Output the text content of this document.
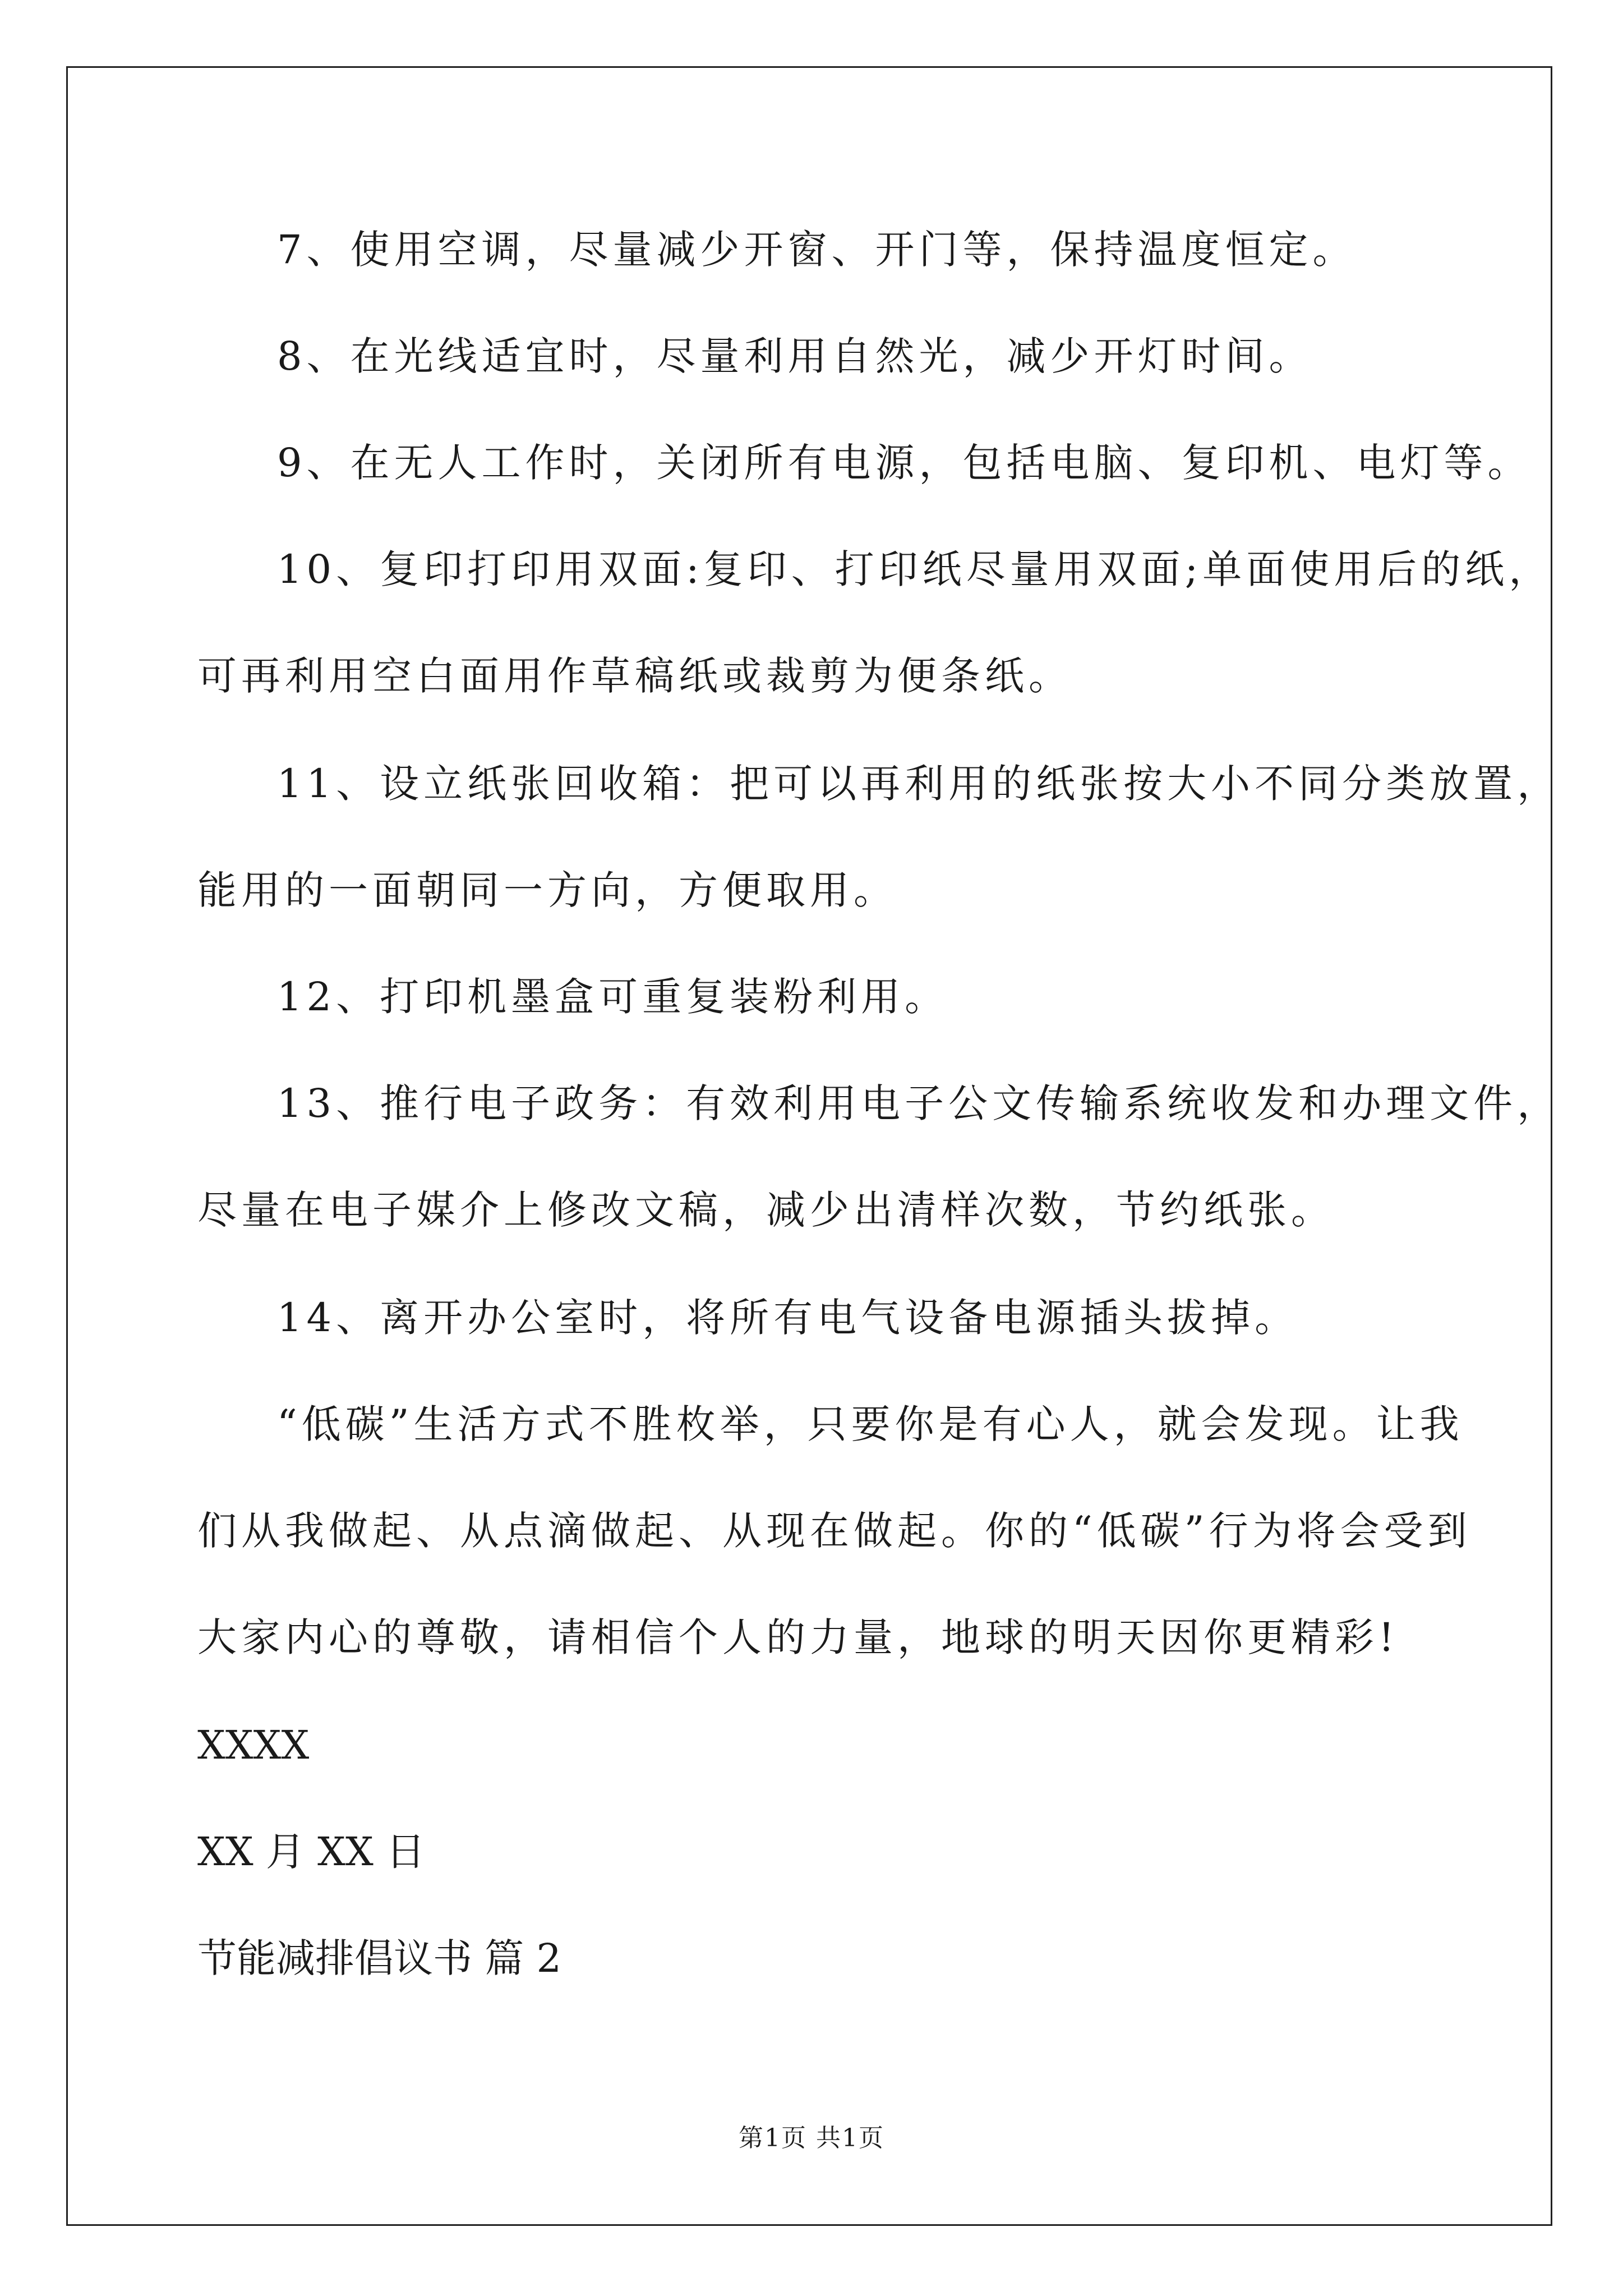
7、使用空调，尽量减少开窗、开门等，保持温度恒定。
8、在光线适宜时，尽量利用自然光，减少开灯时间。
9、在无人工作时，关闭所有电源，包括电脑、复印机、电灯等。
10、复印打印用双面:复印、打印纸尽量用双面;单面使用后的纸，
可再利用空白面用作草稿纸或裁剪为便条纸。
11、设立纸张回收箱：把可以再利用的纸张按大小不同分类放置，
能用的一面朝同一方向，方便取用。
12、打印机墨盒可重复装粉利用。
13、推行电子政务：有效利用电子公文传输系统收发和办理文件，
尽量在电子媒介上修改文稿，减少出清样次数，节约纸张。
14、离开办公室时，将所有电气设备电源插头拔掉。
“低碳”生活方式不胜枚举，只要你是有心人，就会发现。让我
们从我做起、从点滴做起、从现在做起。你的“低碳”行为将会受到
大家内心的尊敬，请相信个人的力量，地球的明天因你更精彩!
XXXX
XX 月 XX 日
节能减排倡议书 篇 2
第1页 共1页
